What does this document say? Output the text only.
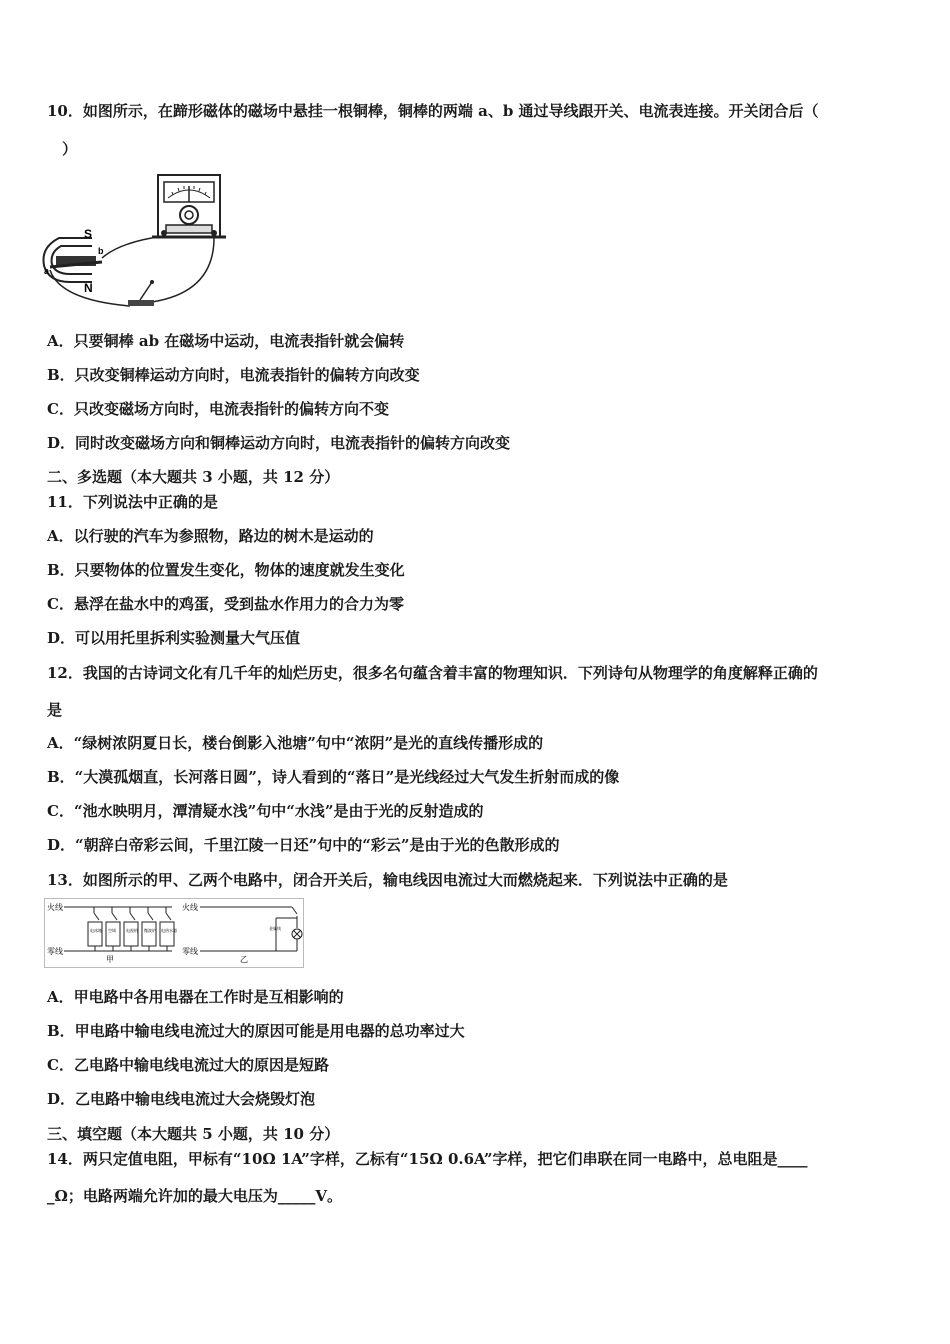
10．如图所示，在蹄形磁体的磁场中悬挂一根铜棒，铜棒的两端 a、b 通过导线跟开关、电流表连接。开关闭合后（
）
S
N
a
b
A．只要铜棒 ab 在磁场中运动，电流表指针就会偏转
B．只改变铜棒运动方向时，电流表指针的偏转方向改变
C．只改变磁场方向时，电流表指针的偏转方向不变
D．同时改变磁场方向和铜棒运动方向时，电流表指针的偏转方向改变
二、多选题（本大题共 3 小题，共 12 分）
11．下列说法中正确的是
A．以行驶的汽车为参照物，路边的树木是运动的
B．只要物体的位置发生变化，物体的速度就发生变化
C．悬浮在盐水中的鸡蛋，受到盐水作用力的合力为零
D．可以用托里拆利实验测量大气压值
12．我国的古诗词文化有几千年的灿烂历史，很多名句蕴含着丰富的物理知识．下列诗句从物理学的角度解释正确的
是
A．“绿树浓阴夏日长，楼台倒影入池塘”句中“浓阴”是光的直线传播形成的
B．“大漠孤烟直，长河落日圆”，诗人看到的“落日”是光线经过大气发生折射而成的像
C．“池水映明月，潭清疑水浅”句中“水浅”是由于光的反射造成的
D．“朝辞白帝彩云间，千里江陵一日还”句中的“彩云”是由于光的色散形成的
13．如图所示的甲、乙两个电路中，闭合开关后，输电线因电流过大而燃烧起来．下列说法中正确的是
火线
零线
电冰箱 空调	电视机 微波炉 电热水器
甲
火线
零线
金属线
乙
A．甲电路中各用电器在工作时是互相影响的
B．甲电路中输电线电流过大的原因可能是用电器的总功率过大
C．乙电路中输电线电流过大的原因是短路
D．乙电路中输电线电流过大会烧毁灯泡
三、填空题（本大题共 5 小题，共 10 分）
14．两只定值电阻，甲标有“10Ω 1A”字样，乙标有“15Ω 0.6A”字样，把它们串联在同一电路中，总电阻是____
_Ω；电路两端允许加的最大电压为_____V。
